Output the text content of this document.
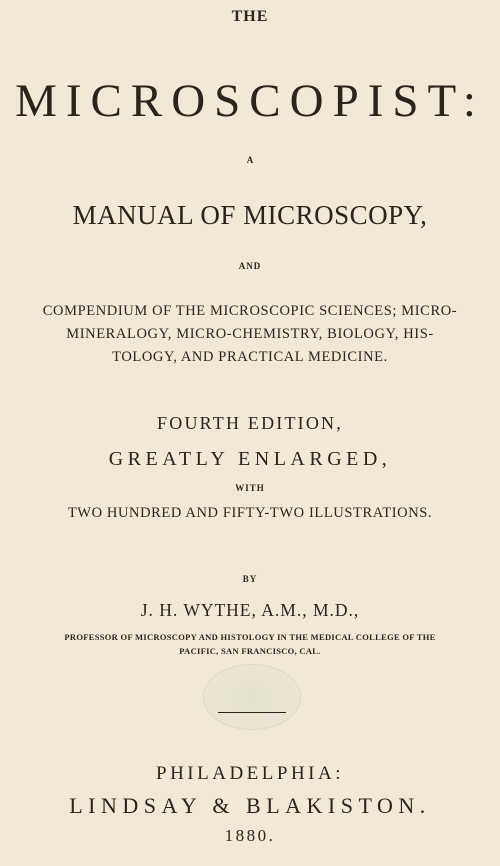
THE
MICROSCOPIST:
A
MANUAL OF MICROSCOPY,
AND
COMPENDIUM OF THE MICROSCOPIC SCIENCES; MICRO-
MINERALOGY, MICRO-CHEMISTRY, BIOLOGY, HIS-
TOLOGY, AND PRACTICAL MEDICINE.
FOURTH EDITION,
GREATLY ENLARGED,
WITH
TWO HUNDRED AND FIFTY-TWO ILLUSTRATIONS.
BY
J. H. WYTHE, A.M., M.D.,
PROFESSOR OF MICROSCOPY AND HISTOLOGY IN THE MEDICAL COLLEGE OF THE
PACIFIC, SAN FRANCISCO, CAL.
PHILADELPHIA:
LINDSAY & BLAKISTON.
1880.
